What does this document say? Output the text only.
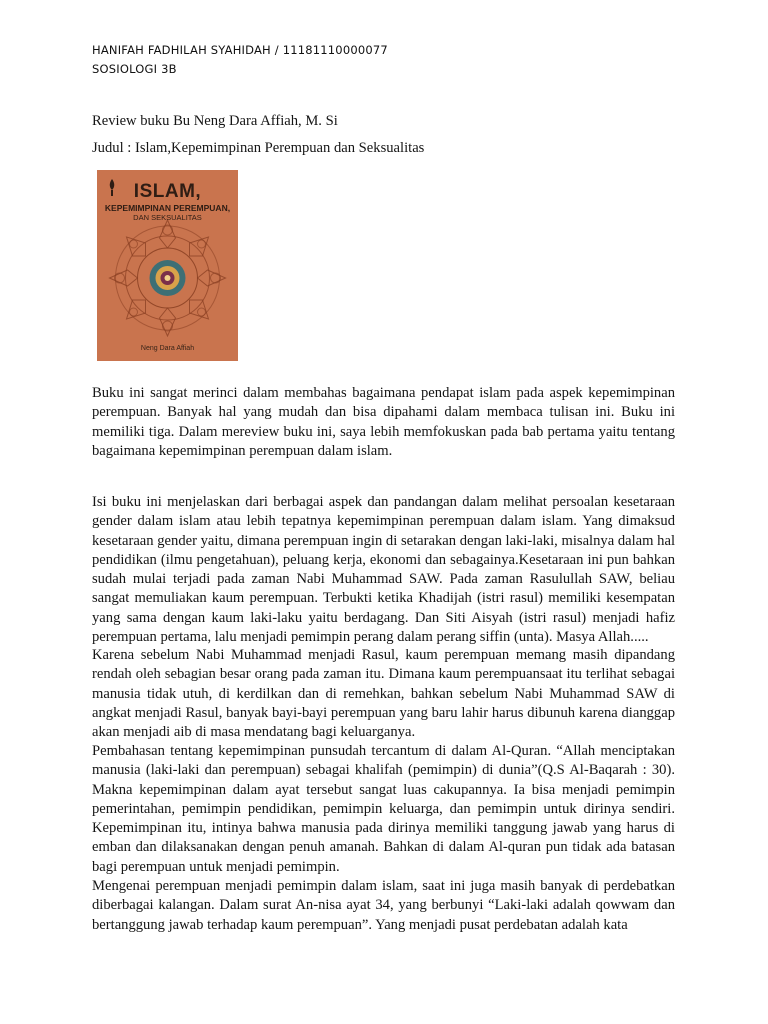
HANIFAH FADHILAH SYAHIDAH / 11181110000077
SOSIOLOGI 3B
Review buku Bu Neng Dara Affiah, M. Si
Judul : Islam,Kepemimpinan Perempuan dan Seksualitas
ISLAM,
KEPEMIMPINAN PEREMPUAN,
DAN SEKSUALITAS
Neng Dara Affiah

Buku ini sangat merinci dalam membahas bagaimana pendapat islam pada aspek kepemimpinan perempuan. Banyak hal yang mudah dan bisa dipahami dalam membaca tulisan ini. Buku ini memiliki tiga. Dalam mereview buku ini, saya lebih memfokuskan pada bab pertama yaitu tentang bagaimana kepemimpinan perempuan dalam islam.

Isi buku ini menjelaskan dari berbagai aspek dan pandangan dalam melihat persoalan kesetaraan gender dalam islam atau lebih tepatnya kepemimpinan perempuan dalam islam. Yang dimaksud kesetaraan gender yaitu, dimana perempuan ingin di setarakan dengan laki-laki, misalnya dalam hal pendidikan (ilmu pengetahuan), peluang kerja, ekonomi dan sebagainya.Kesetaraan ini pun bahkan sudah mulai terjadi pada zaman Nabi Muhammad SAW. Pada zaman Rasulullah SAW, beliau sangat memuliakan kaum perempuan. Terbukti ketika Khadijah (istri rasul) memiliki kesempatan yang sama dengan kaum laki-laku yaitu berdagang. Dan Siti Aisyah (istri rasul) menjadi hafiz perempuan pertama, lalu menjadi pemimpin perang dalam perang siffin (unta). Masya Allah.....

Karena sebelum Nabi Muhammad menjadi Rasul, kaum perempuan memang masih dipandang rendah oleh sebagian besar orang pada zaman itu. Dimana kaum perempuansaat itu terlihat sebagai manusia tidak utuh, di kerdilkan dan di remehkan, bahkan sebelum Nabi Muhammad SAW di angkat menjadi Rasul, banyak bayi-bayi perempuan yang baru lahir harus dibunuh karena dianggap akan menjadi aib di masa mendatang bagi keluarganya.

Pembahasan tentang kepemimpinan punsudah tercantum di dalam Al-Quran. “Allah menciptakan manusia (laki-laki dan perempuan) sebagai khalifah (pemimpin) di dunia”(Q.S Al-Baqarah : 30). Makna kepemimpinan dalam ayat tersebut sangat luas cakupannya. Ia bisa menjadi pemimpin pemerintahan, pemimpin pendidikan, pemimpin keluarga, dan pemimpin untuk dirinya sendiri. Kepemimpinan itu, intinya bahwa manusia pada dirinya memiliki tanggung jawab yang harus di emban dan dilaksanakan dengan penuh amanah. Bahkan di dalam Al-quran pun tidak ada batasan bagi perempuan untuk menjadi pemimpin.

Mengenai perempuan menjadi pemimpin dalam islam, saat ini juga masih banyak di perdebatkan diberbagai kalangan. Dalam surat An-nisa ayat 34, yang berbunyi “Laki-laki adalah qowwam dan bertanggung jawab terhadap kaum perempuan”. Yang menjadi pusat perdebatan adalah kata
